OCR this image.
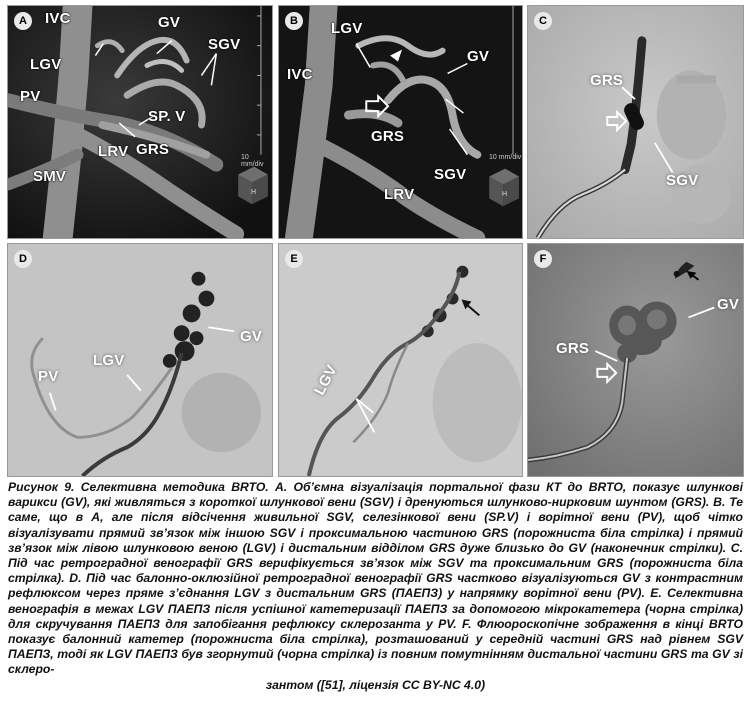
A	IVC	GV
LGV
SGV
PV
SP. V
GRS
LRV
SMV
10 mm/div
H
B	LGV
GV
IVC
GRS
SGV
LRV
10 mm/div
H
C
GRS
SGV
D
PV
LGV
GV
E
LGV
F
GV
GRS

Рисунок 9. Селективна методика BRTO. А. Об’ємна візуалізація портальної фази КТ до BRTO, показує шлункові варикси (GV), які живляться з короткої шлункової вени (SGV) і дренуються шлунково-нирковим шунтом (GRS). B. Те саме, що в А, але після відсічення живильної SGV, селезінкової вени (SP.V) і ворітної вени (PV), щоб чітко візуалізувати прямий зв’язок між іншою SGV і проксимальною частиною GRS (порожниста біла стрілка) і прямий зв’язок між лівою шлунковою веною (LGV) і дистальним відділом GRS дуже близько до GV (наконечник стрілки). C. Під час ретроградної венографії GRS верифікується зв’язок між SGV та проксимальним GRS (порожниста біла стрілка). D. Під час балонно-оклюзійної ретроградної венографії GRS частково візуалізуються GV з контрастним рефлюксом через пряме з’єднання LGV з дистальним GRS (ПАЕПЗ) у напрямку ворітної вени (PV). E. Селективна венографія в межах LGV ПАЕПЗ після успішної катетеризації ПАЕПЗ за допомогою мікрокатетера (чорна стрілка) для скручування ПАЕПЗ для запобігання рефлюксу склерозанта у PV. F. Флюороскопічне зображення в кінці BRTO показує балонний катетер (порожниста біла стрілка), розташований у середній частині GRS над рівнем SGV ПАЕПЗ, тоді як LGV ПАЕПЗ був згорнутий (чорна стрілка) із повним помутнінням дистальної частини GRS та GV зі склеро-
зантом ([51], ліцензія CC BY-NC 4.0)
